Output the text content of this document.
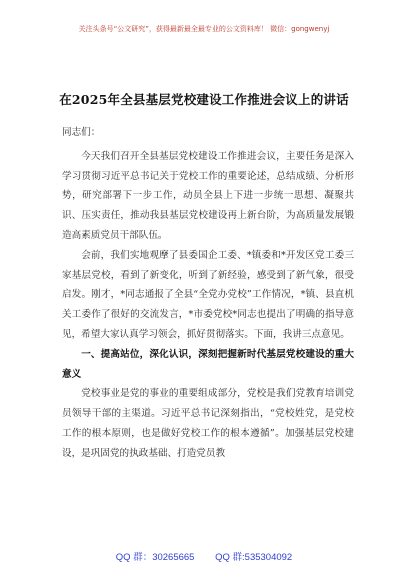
关注头条号“公文研究”，获得最新最全最专业的公文资料库！ 微信：gongwenyj
在2025年全县基层党校建设工作推进会议上的讲话

同志们：

今天我们召开全县基层党校建设工作推进会议，主要任务是深入学习贯彻习近平总书记关于党校工作的重要论述，总结成绩、分析形势，研究部署下一步工作，动员全县上下进一步统一思想、凝聚共识、压实责任，推动我县基层党校建设再上新台阶，为高质量发展锻造高素质党员干部队伍。

会前，我们实地观摩了县委国企工委、*镇委和*开发区党工委三家基层党校，看到了新变化，听到了新经验，感受到了新气象，很受启发。刚才，*同志通报了全县“全党办党校”工作情况，*镇、县直机关工委作了很好的交流发言，*市委党校*同志也提出了明确的指导意见，希望大家认真学习领会，抓好贯彻落实。下面，我讲三点意见。

一、提高站位，深化认识，深刻把握新时代基层党校建设的重大意义

党校事业是党的事业的重要组成部分，党校是我们党教育培训党员领导干部的主渠道。习近平总书记深刻指出，“党校姓党，是党校工作的根本原则，也是做好党校工作的根本遵循”。加强基层党校建设，是巩固党的执政基础、打造党员教

QQ 群：30265665 QQ 群:535304092
